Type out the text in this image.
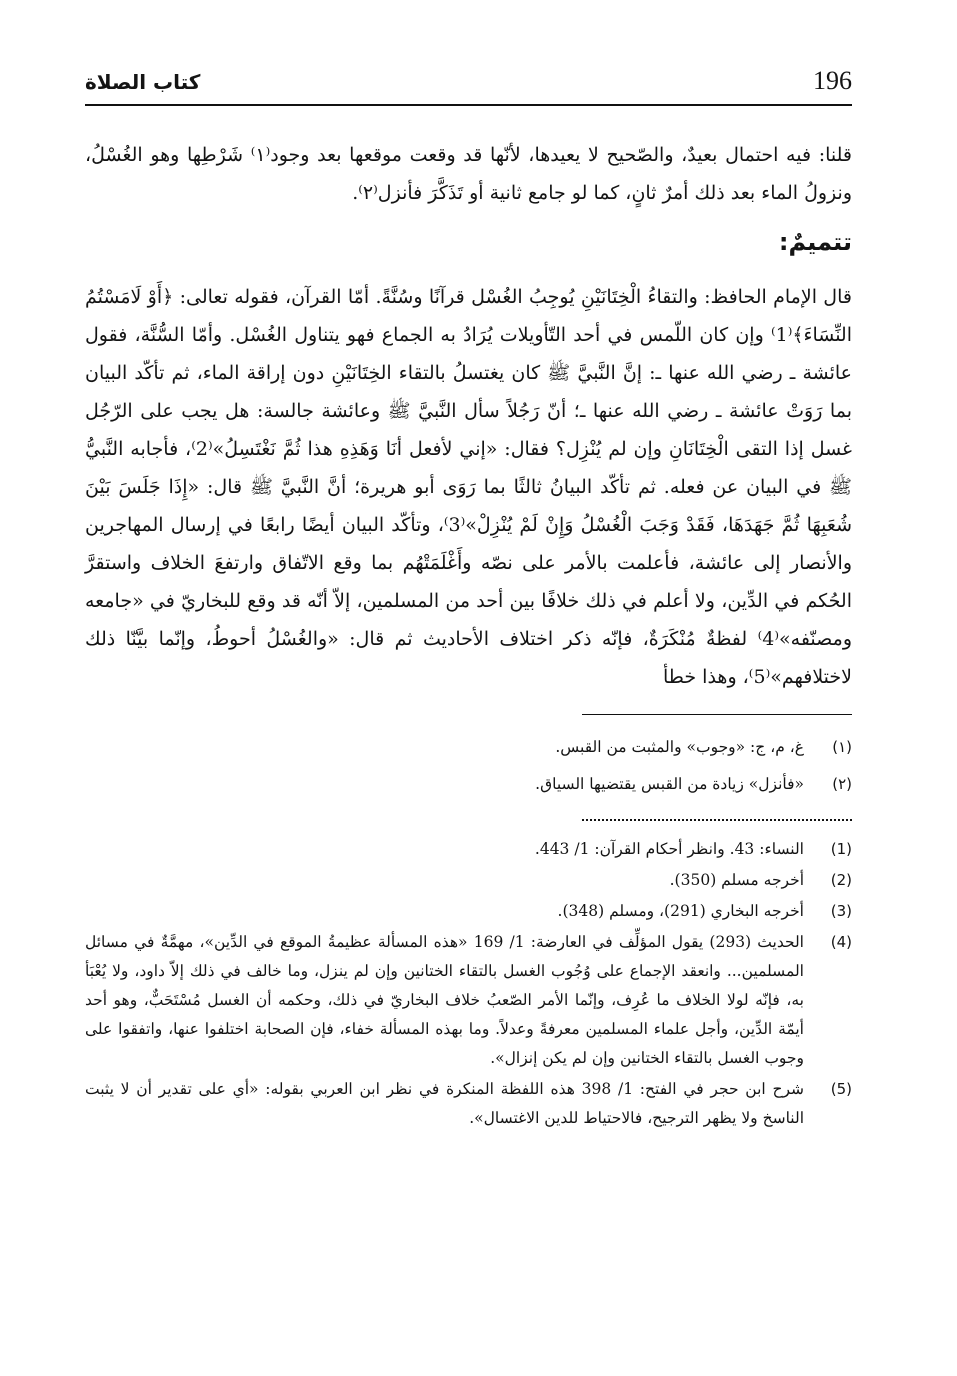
196
كتاب الصلاة

قلنا: فيه احتمال بعيدٌ، والصّحيح لا يعيدها، لأنّها قد وقعت موقعها بعد وجود⁽١⁾ شَرْطِها وهو الغُسْلُ، ونزولُ الماء بعد ذلك أمرٌ ثانٍ، كما لو جامع ثانية أو تَذَكَّرَ فأنزل⁽٢⁾.

تتميمٌ:

قال الإمام الحافظ: والتقاءُ الْخِتَانَيْنِ يُوجِبُ الغُسْل قرآنًا وسُنَّةً. أمّا القرآن، فقوله تعالى: ﴿أَوْ لَامَسْتُمُ النِّسَاءَ﴾⁽1⁾ وإن كان اللّمس في أحد التّأويلات يُرَادُ به الجماع فهو يتناول الغُسْل. وأمّا السُّنَّة، فقول عائشة ـ رضي الله عنها ـ: إنَّ النَّبيَّ ﷺ كان يغتسلُ بالتقاء الخِتَانَيْنِ دون إراقة الماء، ثم تأكّد البيان بما رَوَتْ عائشة ـ رضي الله عنها ـ؛ أنّ رَجُلاً سأل النَّبيَّ ﷺ وعائشة جالسة: هل يجب على الرّجُل غسل إذا التقى الْخِتَانَانِ وإن لم يُنْزِل؟ فقال: «إني لأفعل أنَا وَهَذِهِ هذا ثُمَّ نَغْتَسِلُ»⁽2⁾، فأجابه النَّبيُّ ﷺ في البيان عن فعله. ثم تأكّد البيانُ ثالثًا بما رَوَى أبو هريرة؛ أنَّ النَّبيَّ ﷺ قال: «إِذَا جَلَسَ بَيْنَ شُعَبِهَا ثُمَّ جَهَدَهَا، فَقَدْ وَجَبَ الْغُسْلُ وَإِنْ لَمْ يُنْزِلْ»⁽3⁾، وتأكّد البيان أيضًا رابعًا في إرسال المهاجرين والأنصار إلى عائشة، فأعلمت بالأمر على نصّه وأَغْلَمَتْهُم بما وقع الاتّفاق وارتفعَ الخلاف واستقرَّ الحُكم في الدِّين، ولا أعلم في ذلك خلافًا بين أحد من المسلمين، إلاّ أنّه قد وقع للبخاريّ في «جامعه ومصنّفه»⁽4⁾ لفظةٌ مُنْكَرَةٌ، فإنّه ذكر اختلاف الأحاديث ثم قال: «والغُسْلُ أحوطُ، وإنّما بيَّنّا ذلك لاختلافهم»⁽5⁾، وهذا خطأ

(١)
غ، م، ج: «وجوب» والمثبت من القبس.
(٢)
«فأنزل» زيادة من القبس يقتضيها السياق.
(1)
النساء: 43. وانظر أحكام القرآن: 1/ 443.
(2)
أخرجه مسلم (350).
(3)
أخرجه البخاري (291)، ومسلم (348).
(4)
الحديث (293) يقول المؤلِّف في العارضة: 1/ 169 «هذه المسألة عظيمةُ الموقع في الدِّين»، مهمَّةٌ في مسائل المسلمين... وانعقد الإجماع على وُجُوب الغسل بالتقاء الختانين وإن لم ينزل، وما خالف في ذلك إلاّ داود، ولا يُعْبَأ به، فإنّه لولا الخلاف ما عُرِف، وإنّما الأمر الصّعبُ خلاف البخاريّ في ذلك، وحكمه أن الغسل مُسْتَحَبٌّ، وهو أحد أيمّة الدِّين، وأجل علماء المسلمين معرفةً وعدلاً. وما بهذه المسألة خفاء، فإن الصحابة اختلفوا عنها، واتفقوا على وجوب الغسل بالتقاء الختانين وإن لم يكن إنزال».
(5)
شرح ابن حجر في الفتح: 1/ 398 هذه اللفظة المنكرة في نظر ابن العربي بقوله: «أي على تقدير أن لا يثبت الناسخ ولا يظهر الترجيح، فالاحتياط للدين الاغتسال».
